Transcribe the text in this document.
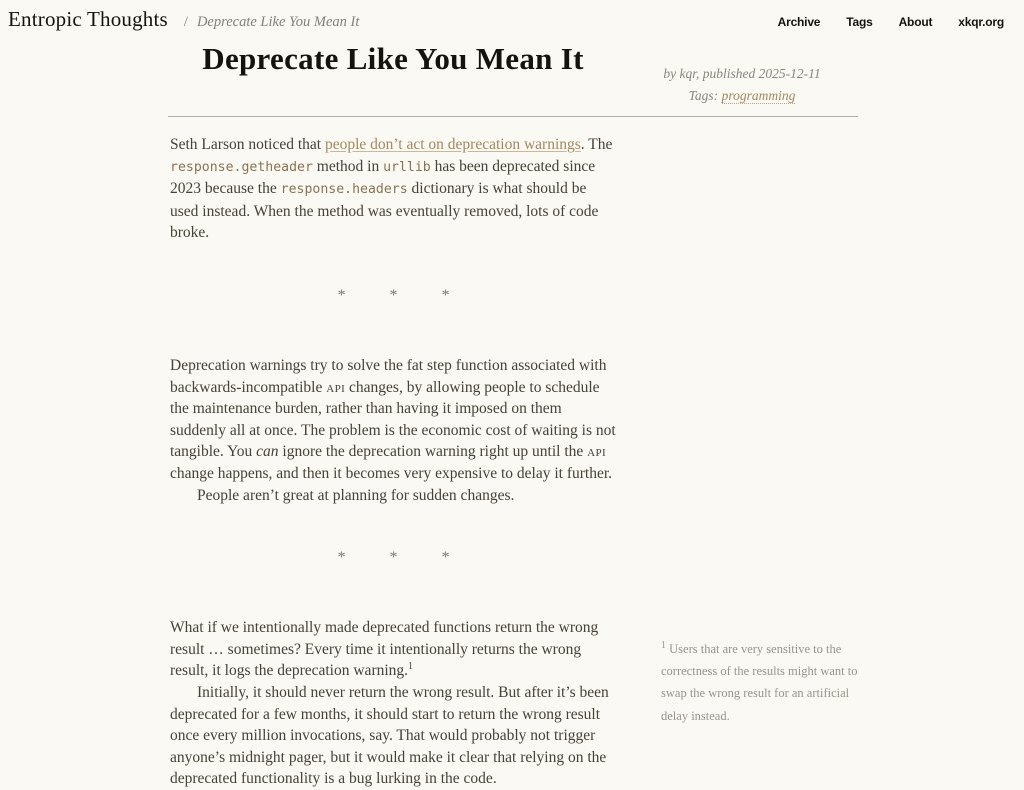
Entropic Thoughts / Deprecate Like You Mean It	Archive Tags About xkqr.org
Deprecate Like You Mean It	by kqr, published 2025-12-11
Tags: programming

Seth Larson noticed that people don’t act on deprecation warnings. The response.getheader method in urllib has been deprecated since 2023 because the response.headers dictionary is what should be used instead. When the method was eventually removed, lots of code broke.

* * *

Deprecation warnings try to solve the fat step function associated with backwards-incompatible api changes, by allowing people to schedule the maintenance burden, rather than having it imposed on them suddenly all at once. The problem is the economic cost of waiting is not tangible. You can ignore the deprecation warning right up until the api change happens, and then it becomes very expensive to delay it further.

People aren’t great at planning for sudden changes.

* * *

What if we intentionally made deprecated functions return the wrong result … sometimes? Every time it intentionally returns the wrong result, it logs the deprecation warning.$^1$

Initially, it should never return the wrong result. But after it’s been deprecated for a few months, it should start to return the wrong result once every million invocations, say. That would probably not trigger anyone’s midnight pager, but it would make it clear that relying on the deprecated functionality is a bug lurking in the code.

$^1$ Users that are very sensitive to the correctness of the results might want to swap the wrong result for an artificial delay instead.
